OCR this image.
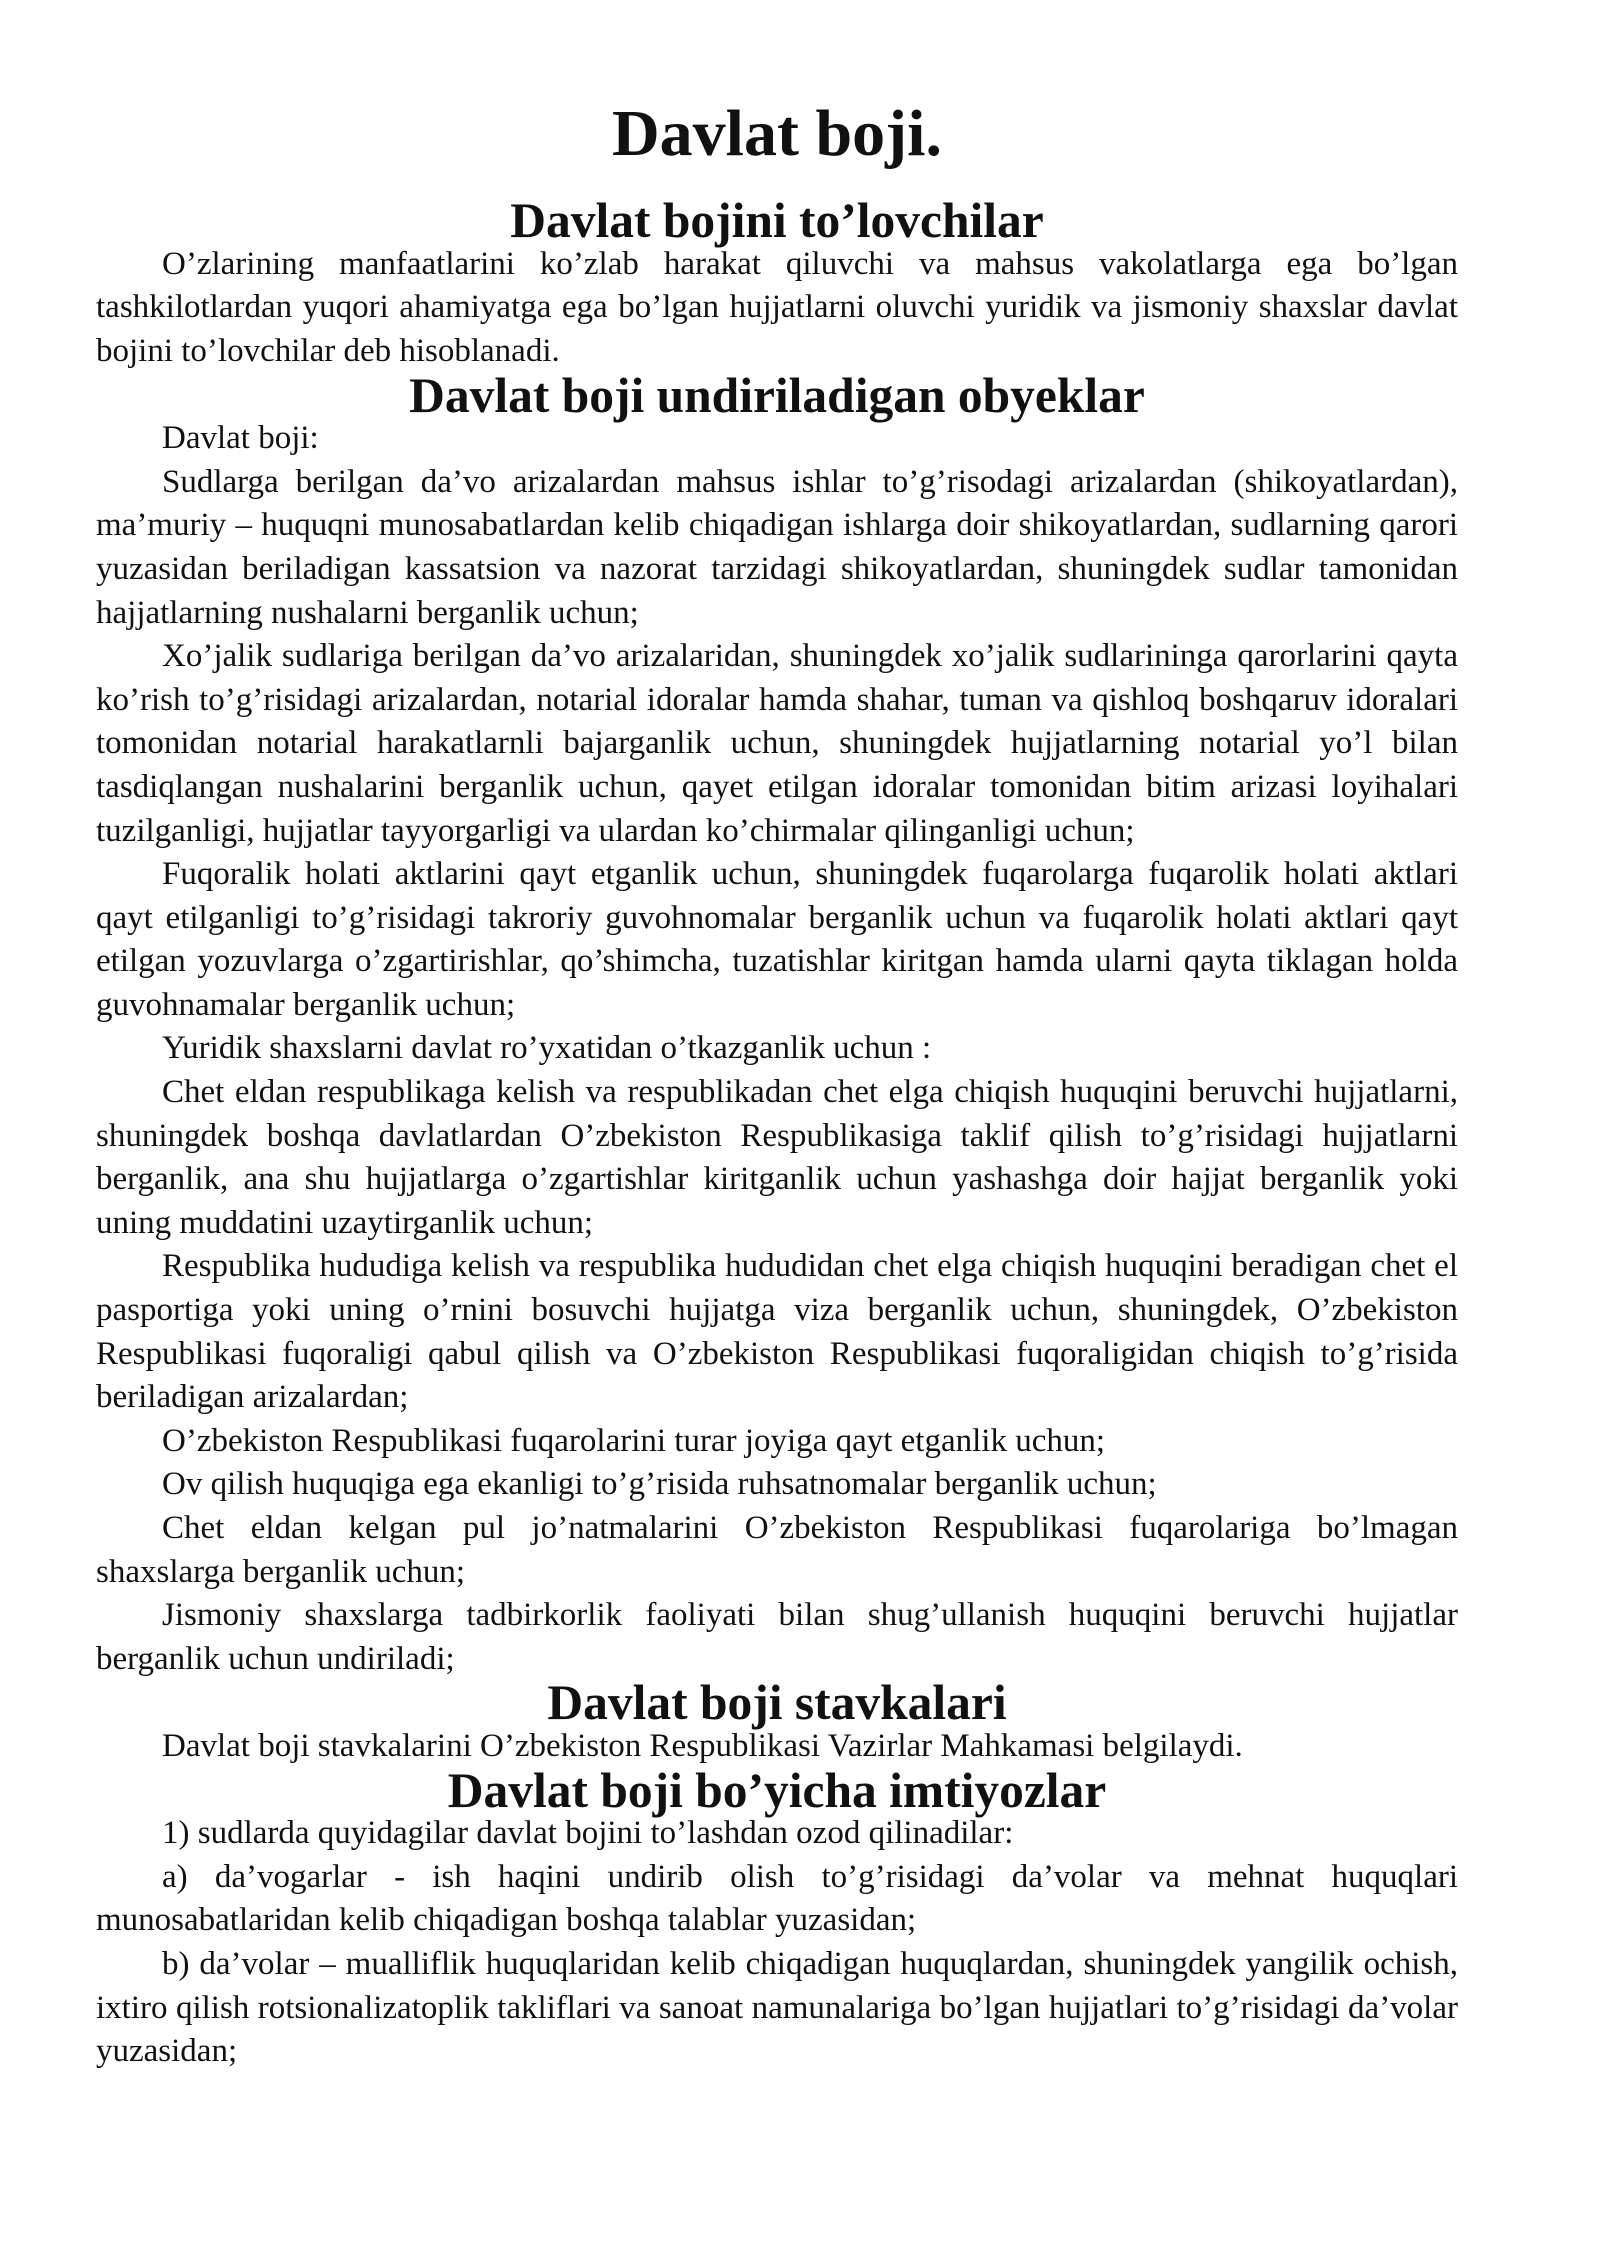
Davlat boji.
Davlat bojini to’lovchilar

O’zlarining manfaatlarini ko’zlab harakat qiluvchi va mahsus vakolatlarga ega bo’lgan tashkilotlardan yuqori ahamiyatga ega bo’lgan hujjatlarni oluvchi yuridik va jismoniy shaxslar davlat bojini to’lovchilar deb hisoblanadi.

Davlat boji undiriladigan obyeklar

Davlat boji:

Sudlarga berilgan da’vo arizalardan mahsus ishlar to’g’risodagi arizalardan (shikoyatlardan), ma’muriy – huquqni munosabatlardan kelib chiqadigan ishlarga doir shikoyatlardan, sudlarning qarori yuzasidan beriladigan kassatsion va nazorat tarzidagi shikoyatlardan, shuningdek sudlar tamonidan hajjatlarning nushalarni berganlik uchun;

Xo’jalik sudlariga berilgan da’vo arizalaridan, shuningdek xo’jalik sudlarininga qarorlarini qayta ko’rish to’g’risidagi arizalardan, notarial idoralar hamda shahar, tuman va qishloq boshqaruv idoralari tomonidan notarial harakatlarnli bajarganlik uchun, shuningdek hujjatlarning notarial yo’l bilan tasdiqlangan nushalarini berganlik uchun, qayet etilgan idoralar tomonidan bitim arizasi loyihalari tuzilganligi, hujjatlar tayyorgarligi va ulardan ko’chirmalar qilinganligi uchun;

Fuqoralik holati aktlarini qayt etganlik uchun, shuningdek fuqarolarga fuqarolik holati aktlari qayt etilganligi to’g’risidagi takroriy guvohnomalar berganlik uchun va fuqarolik holati aktlari qayt etilgan yozuvlarga o’zgartirishlar, qo’shimcha, tuzatishlar kiritgan hamda ularni qayta tiklagan holda guvohnamalar berganlik uchun;

Yuridik shaxslarni davlat ro’yxatidan o’tkazganlik uchun :

Chet eldan respublikaga kelish va respublikadan chet elga chiqish huquqini beruvchi hujjatlarni, shuningdek boshqa davlatlardan O’zbekiston Respublikasiga taklif qilish to’g’risidagi hujjatlarni berganlik, ana shu hujjatlarga o’zgartishlar kiritganlik uchun yashashga doir hajjat berganlik yoki uning muddatini uzaytirganlik uchun;

Respublika hududiga kelish va respublika hududidan chet elga chiqish huquqini beradigan chet el pasportiga yoki uning o’rnini bosuvchi hujjatga viza berganlik uchun, shuningdek, O’zbekiston Respublikasi fuqoraligi qabul qilish va O’zbekiston Respublikasi fuqoraligidan chiqish to’g’risida beriladigan arizalardan;

O’zbekiston Respublikasi fuqarolarini turar joyiga qayt etganlik uchun;

Ov qilish huquqiga ega ekanligi to’g’risida ruhsatnomalar berganlik uchun;

Chet eldan kelgan pul jo’natmalarini O’zbekiston Respublikasi fuqarolariga bo’lmagan shaxslarga berganlik uchun;

Jismoniy shaxslarga tadbirkorlik faoliyati bilan shug’ullanish huquqini beruvchi hujjatlar berganlik uchun undiriladi;

Davlat boji stavkalari

Davlat boji stavkalarini O’zbekiston Respublikasi Vazirlar Mahkamasi belgilaydi.

Davlat boji bo’yicha imtiyozlar

1) sudlarda quyidagilar davlat bojini to’lashdan ozod qilinadilar:

a) da’vogarlar - ish haqini undirib olish to’g’risidagi da’volar va mehnat huquqlari munosabatlaridan kelib chiqadigan boshqa talablar yuzasidan;

b) da’volar – mualliflik huquqlaridan kelib chiqadigan huquqlardan, shuningdek yangilik ochish, ixtiro qilish rotsionalizatoplik takliflari va sanoat namunalariga bo’lgan hujjatlari to’g’risidagi da’volar yuzasidan;
